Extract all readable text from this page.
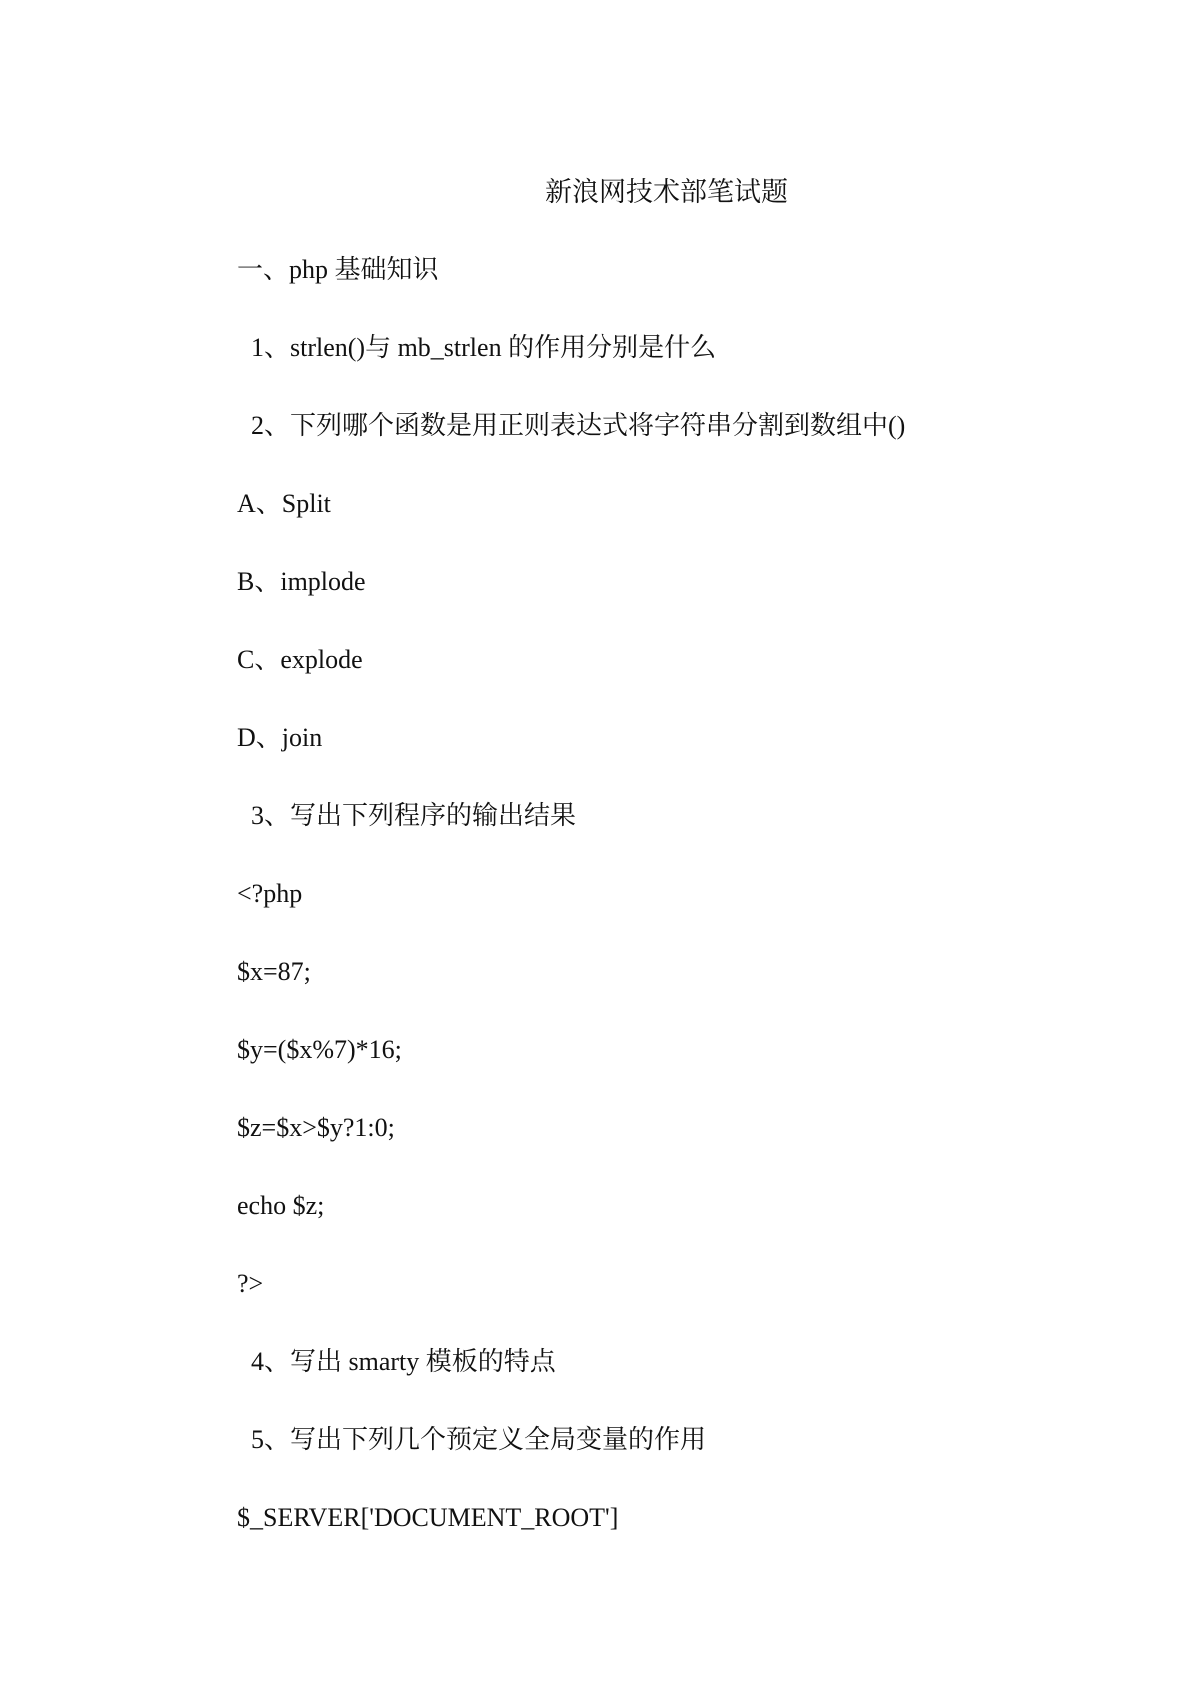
新浪网技术部笔试题
一、php 基础知识
1、strlen()与 mb_strlen 的作用分别是什么
2、下列哪个函数是用正则表达式将字符串分割到数组中()
A、Split
B、implode
C、explode
D、join
3、写出下列程序的输出结果
<?php
$x=87;
$y=($x%7)*16;
$z=$x>$y?1:0;
echo $z;
?>
4、写出 smarty 模板的特点
5、写出下列几个预定义全局变量的作用
$_SERVER['DOCUMENT_ROOT']
